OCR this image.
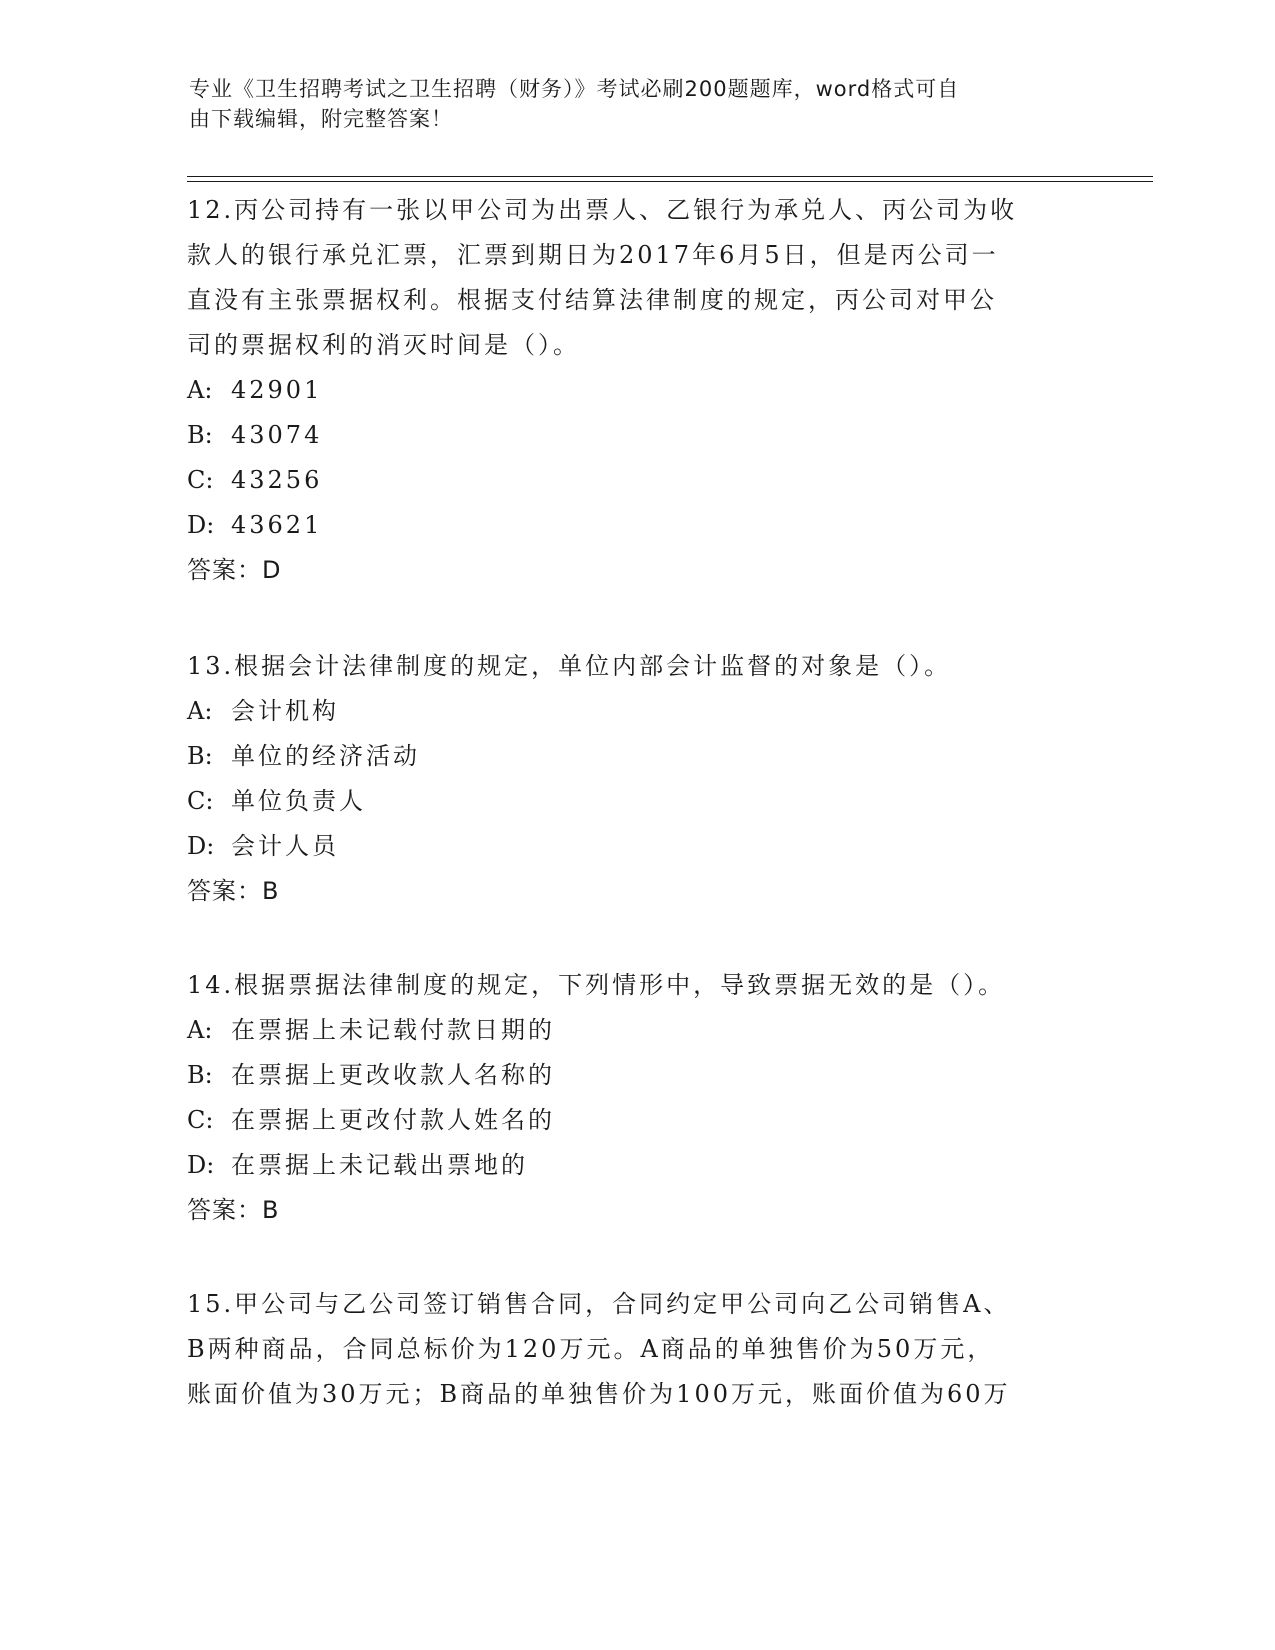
专业《卫生招聘考试之卫生招聘（财务）》考试必刷200题题库，word格式可自
由下载编辑，附完整答案！

12.丙公司持有一张以甲公司为出票人、乙银行为承兑人、丙公司为收

款人的银行承兑汇票，汇票到期日为2017年6月5日，但是丙公司一

直没有主张票据权利。根据支付结算法律制度的规定，丙公司对甲公

司的票据权利的消灭时间是（）。

A: 42901

B: 43074

C: 43256

D: 43621

答案：D

13.根据会计法律制度的规定，单位内部会计监督的对象是（）。

A: 会计机构

B: 单位的经济活动

C: 单位负责人

D: 会计人员

答案：B

14.根据票据法律制度的规定，下列情形中，导致票据无效的是（）。

A: 在票据上未记载付款日期的

B: 在票据上更改收款人名称的

C: 在票据上更改付款人姓名的

D: 在票据上未记载出票地的

答案：B

15.甲公司与乙公司签订销售合同，合同约定甲公司向乙公司销售A、

B两种商品，合同总标价为120万元。A商品的单独售价为50万元，

账面价值为30万元；B商品的单独售价为100万元，账面价值为60万
